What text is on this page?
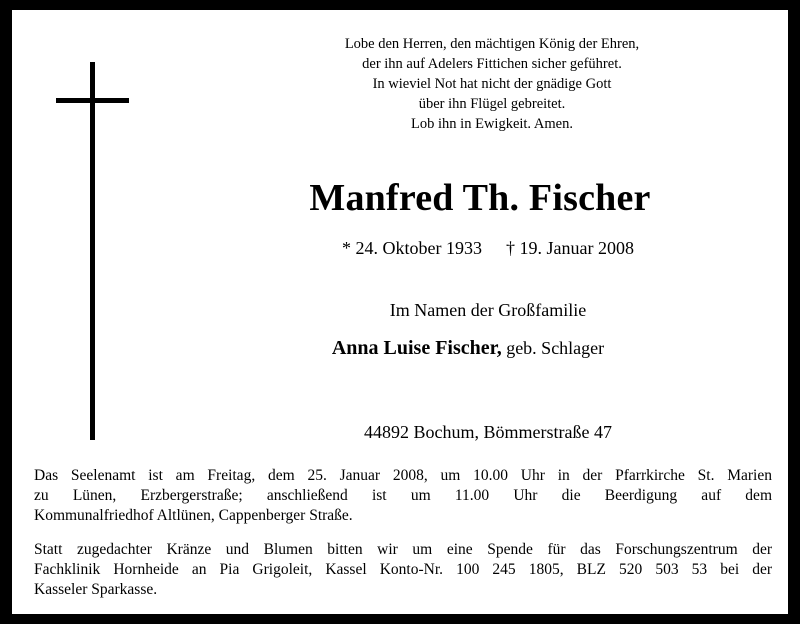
Lobe den Herren, den mächtigen König der Ehren,
der ihn auf Adelers Fittichen sicher geführet.
In wieviel Not hat nicht der gnädige Gott
über ihn Flügel gebreitet.
Lob ihn in Ewigkeit. Amen.
Manfred Th. Fischer
* 24. Oktober 1933 † 19. Januar 2008
Im Namen der Großfamilie
Anna Luise Fischer, geb. Schlager
44892 Bochum, Bömmerstraße 47
Das Seelenamt ist am Freitag, dem 25. Januar 2008, um 10.00 Uhr in der Pfarrkirche St. Marien
zu Lünen, Erzbergerstraße; anschließend ist um 11.00 Uhr die Beerdigung auf dem
Kommunalfriedhof Altlünen, Cappenberger Straße.
Statt zugedachter Kränze und Blumen bitten wir um eine Spende für das Forschungszentrum der
Fachklinik Hornheide an Pia Grigoleit, Kassel Konto-Nr. 100 245 1805, BLZ 520 503 53 bei der
Kasseler Sparkasse.
